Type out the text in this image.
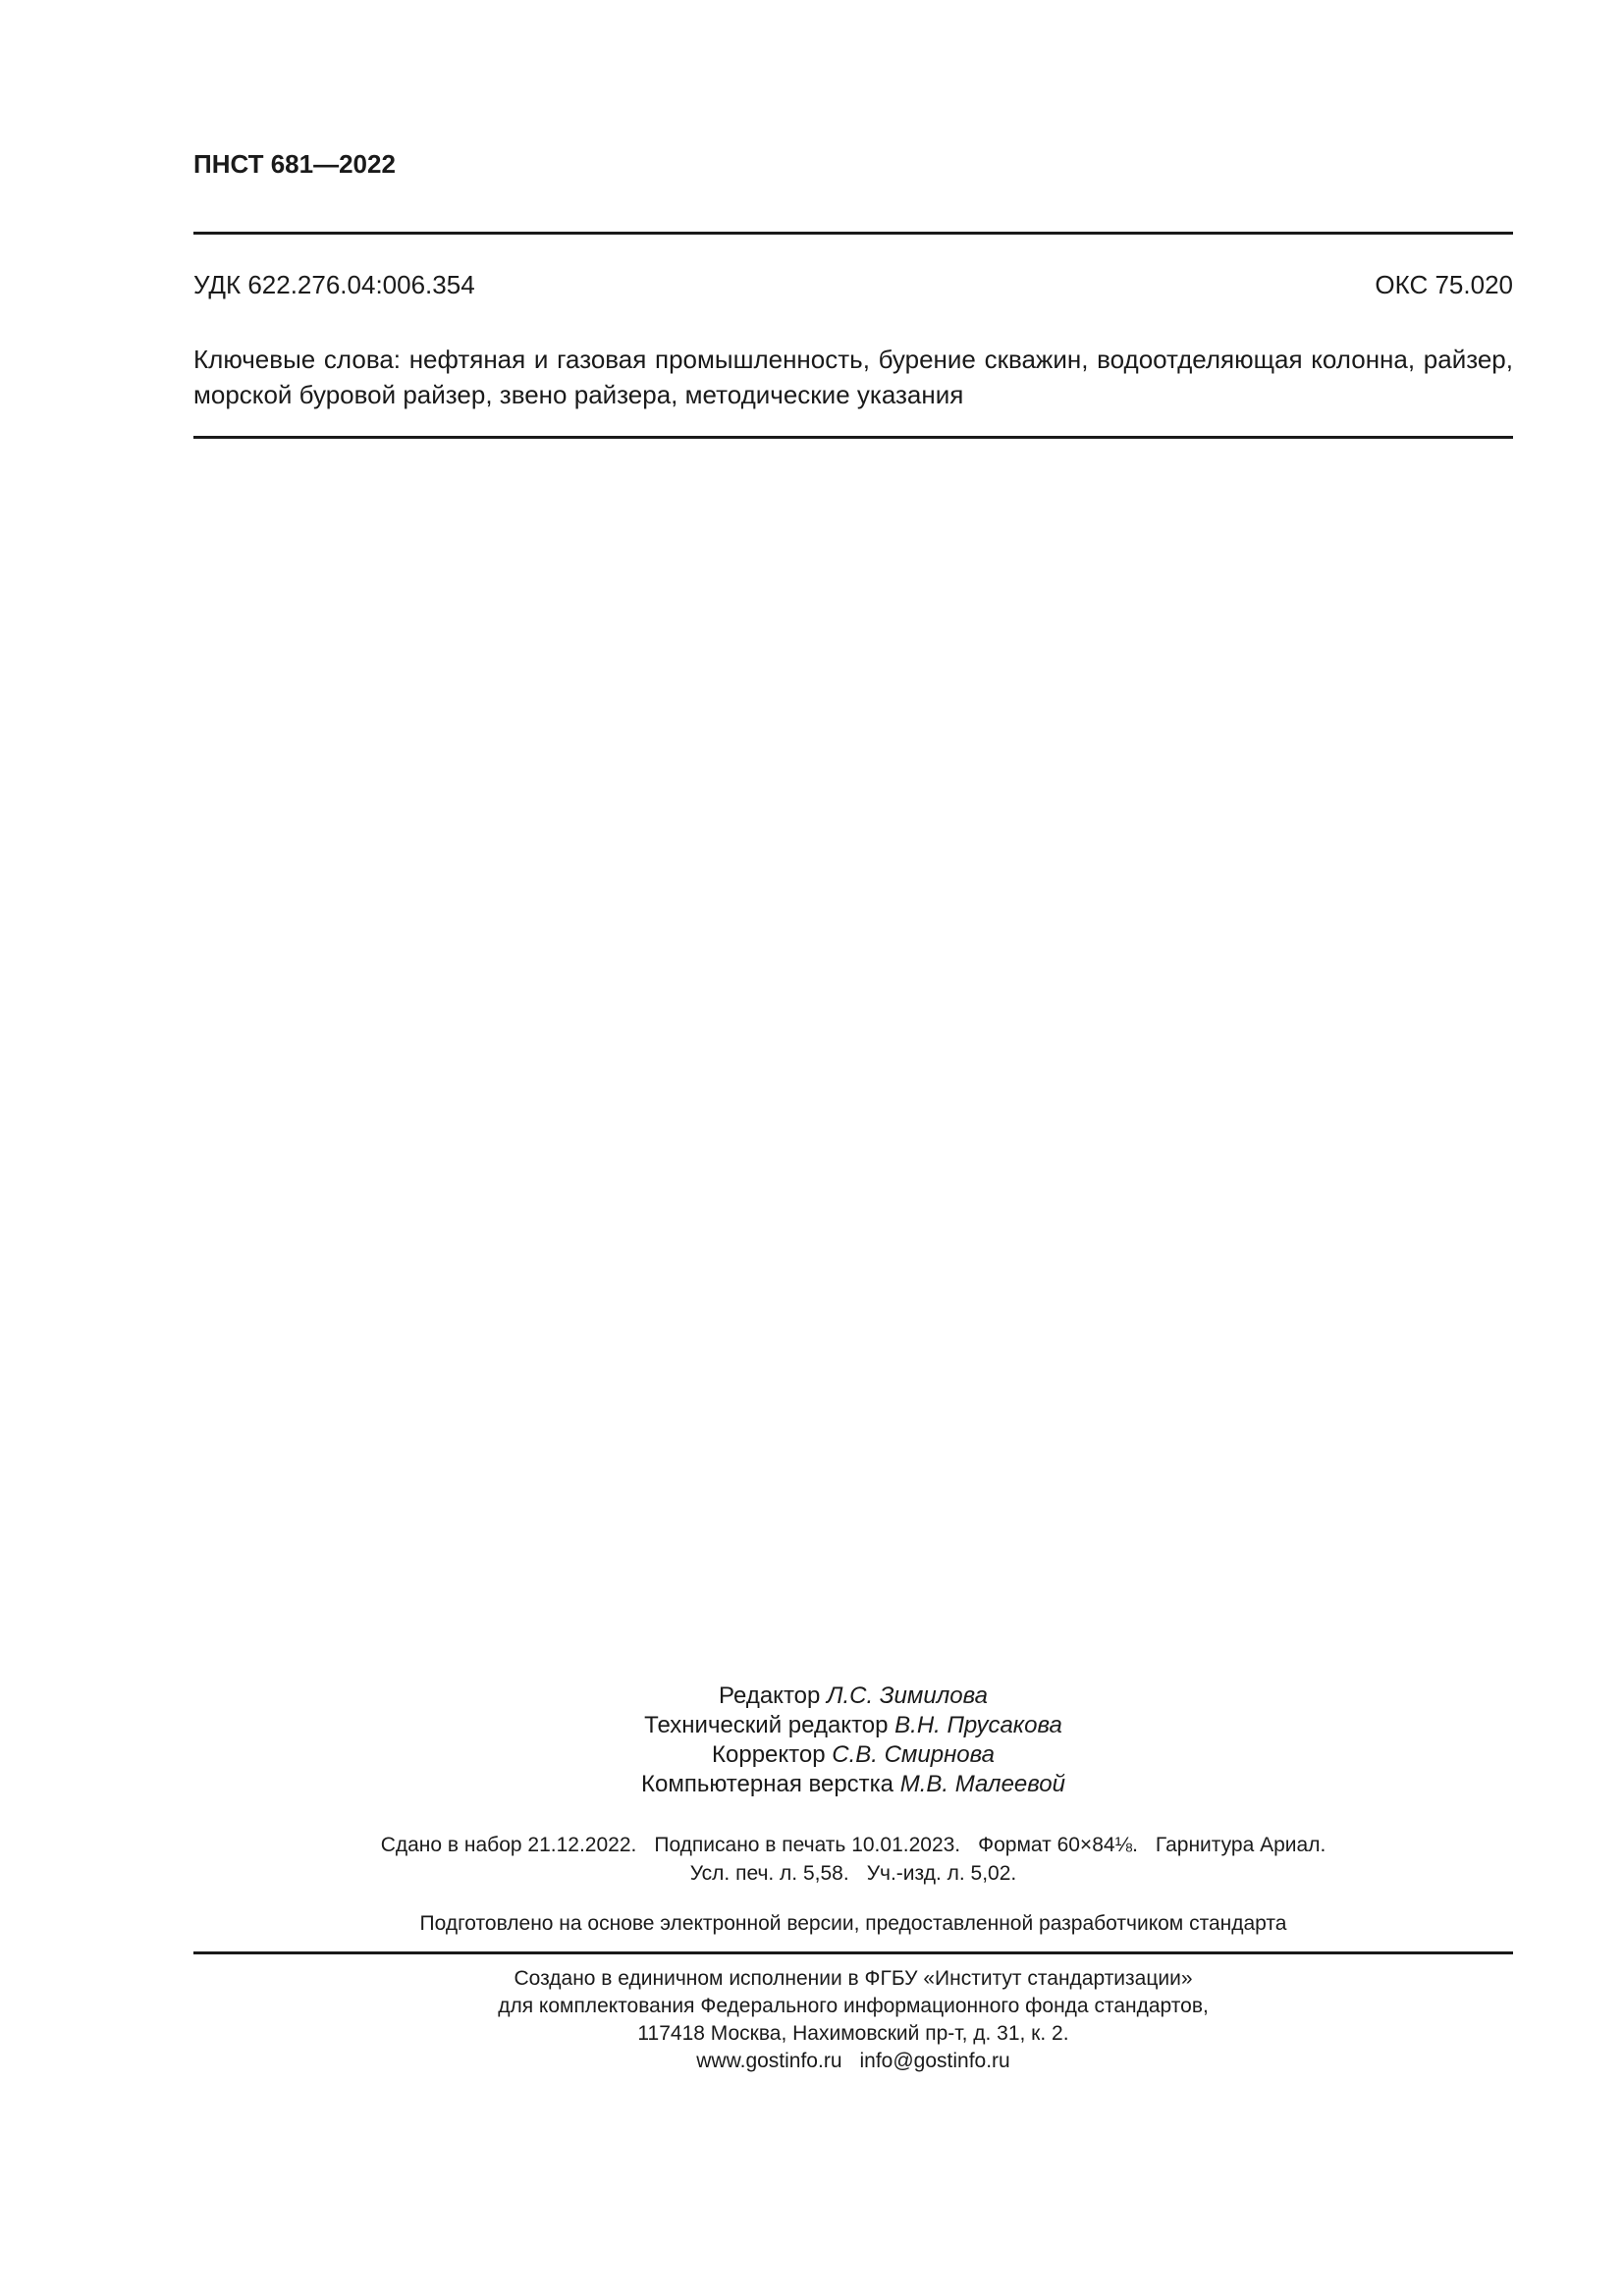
ПНСТ 681—2022
УДК 622.276.04:006.354	ОКС 75.020
Ключевые слова: нефтяная и газовая промышленность, бурение скважин, водоотделяющая колонна, райзер, морской буровой райзер, звено райзера, методические указания
Редактор Л.С. Зимилова
Технический редактор В.Н. Прусакова
Корректор С.В. Смирнова
Компьютерная верстка М.В. Малеевой
Сдано в набор 21.12.2022. Подписано в печать 10.01.2023. Формат 60×84⅛. Гарнитура Ариал.
Усл. печ. л. 5,58. Уч.-изд. л. 5,02.
Подготовлено на основе электронной версии, предоставленной разработчиком стандарта
Создано в единичном исполнении в ФГБУ «Институт стандартизации»
для комплектования Федерального информационного фонда стандартов,
117418 Москва, Нахимовский пр-т, д. 31, к. 2.
www.gostinfo.ru info@gostinfo.ru
